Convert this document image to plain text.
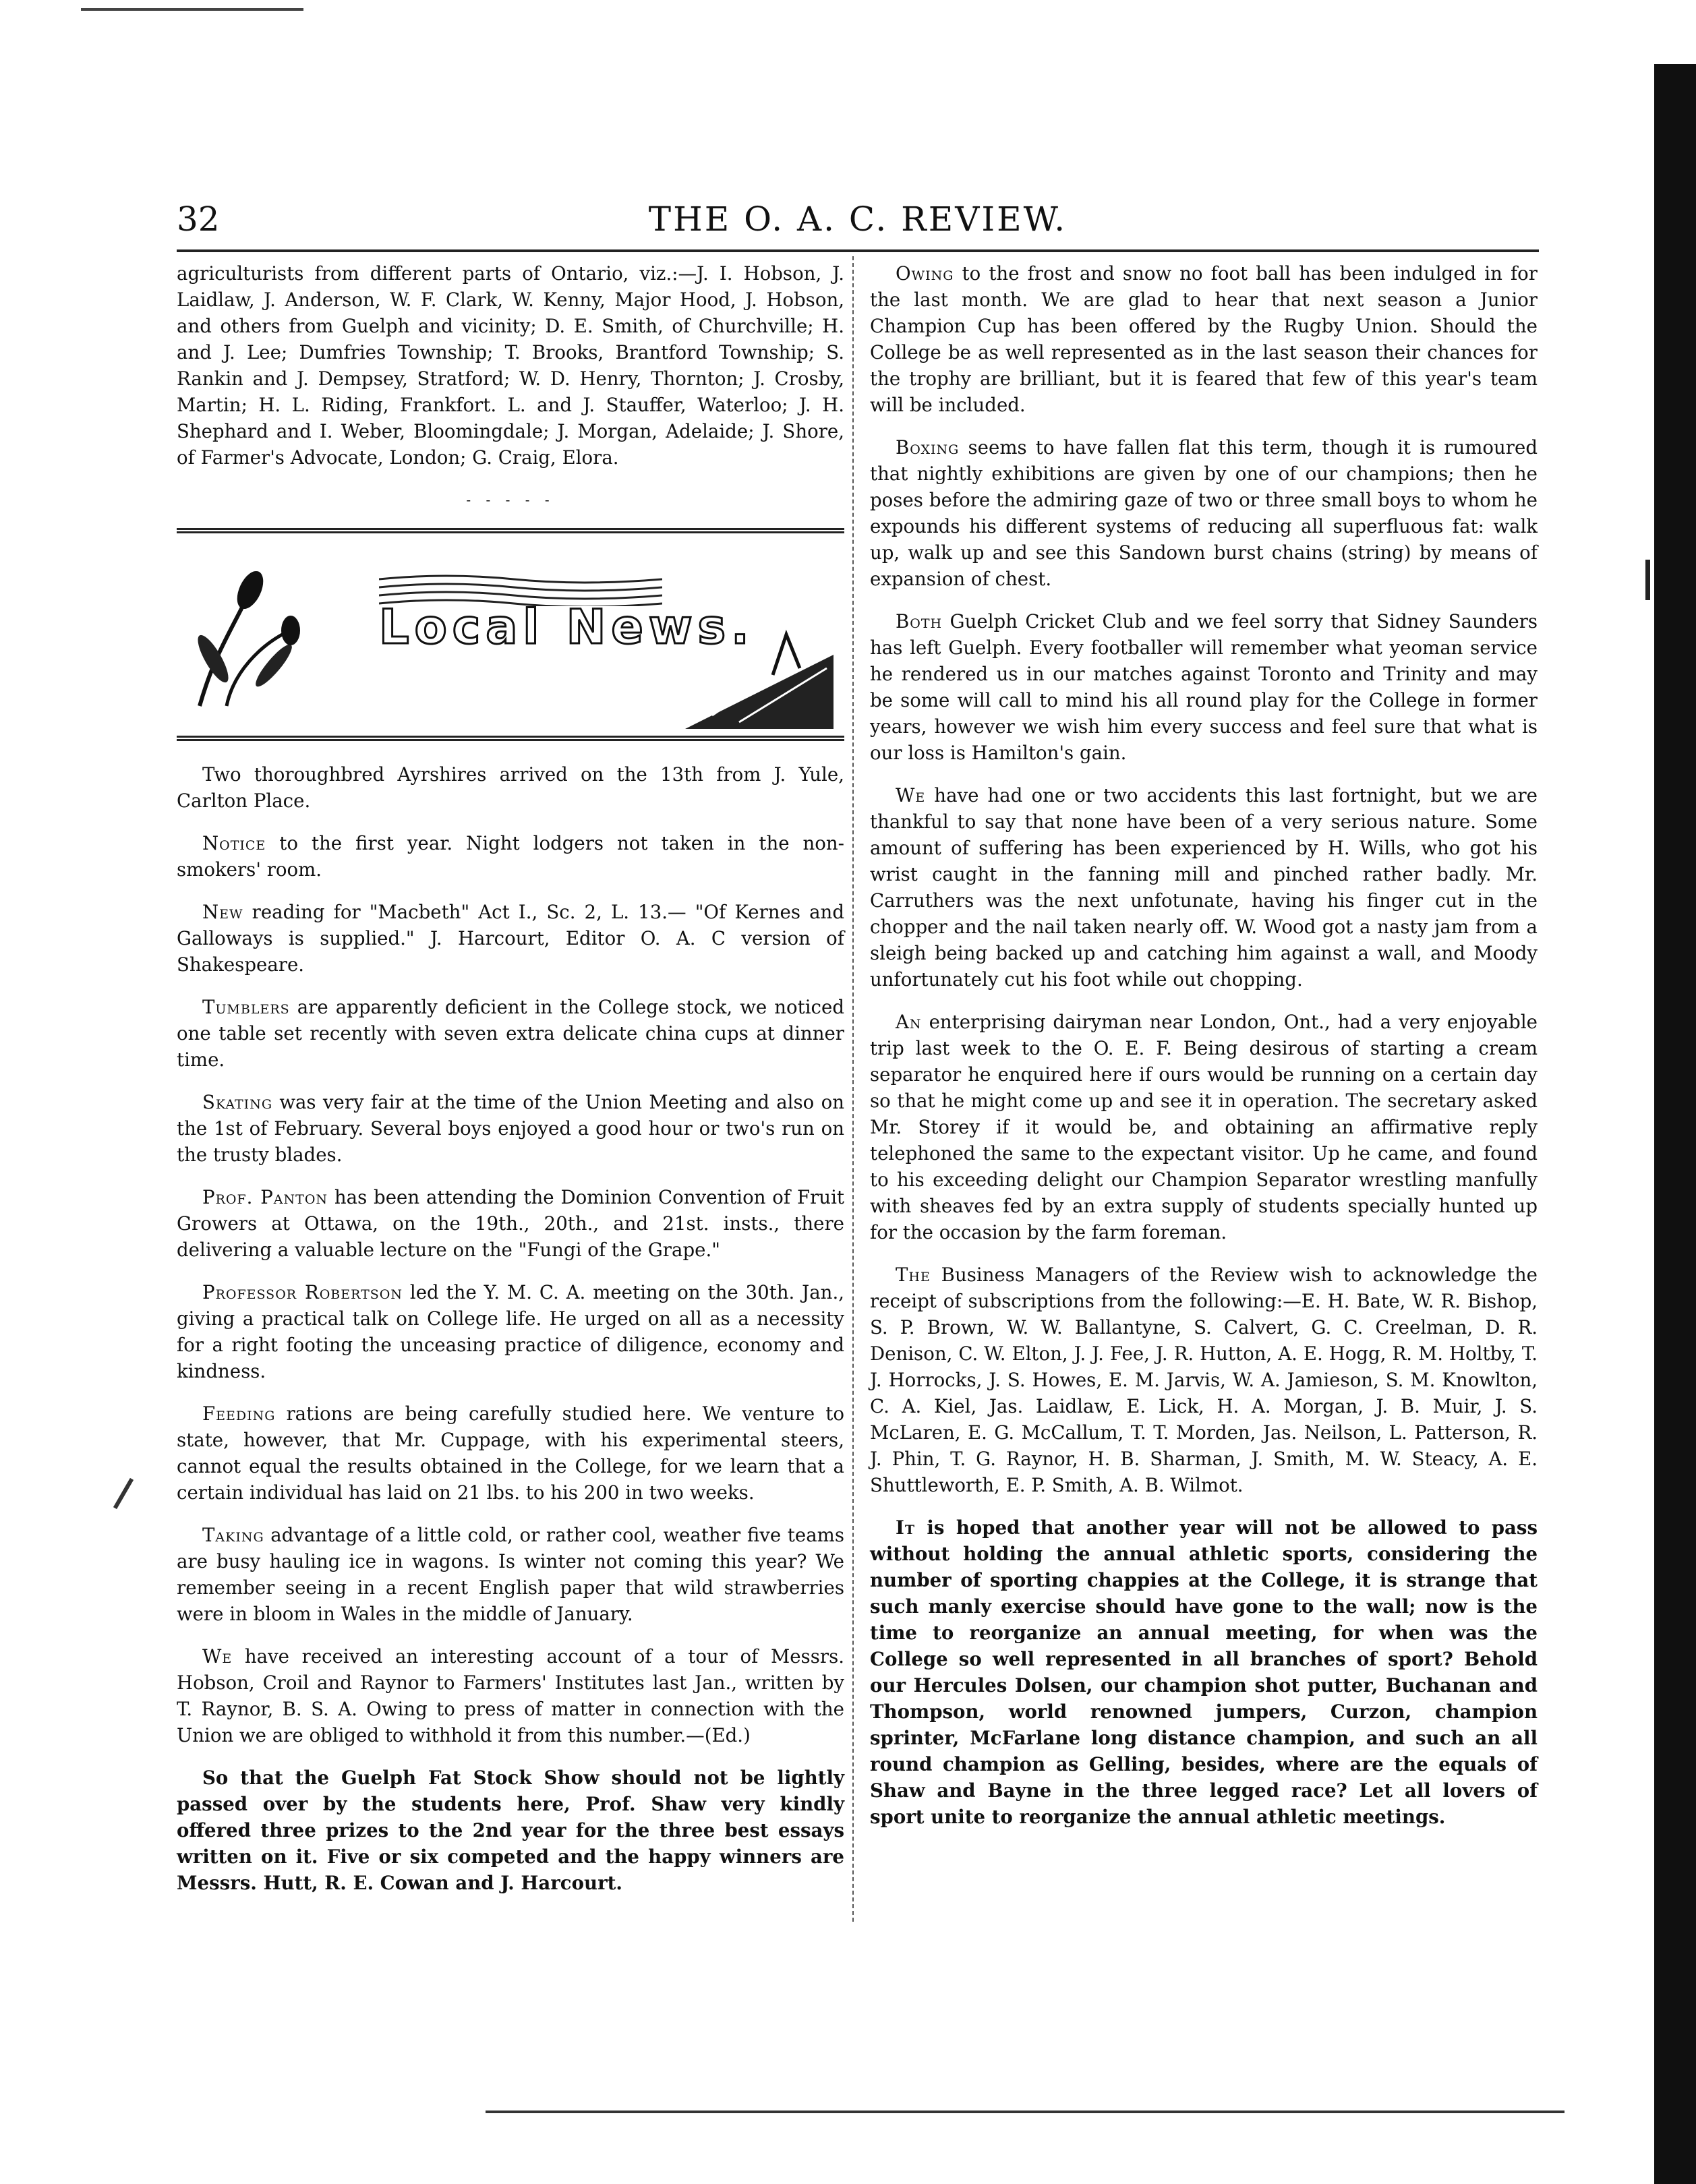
32	THE O. A. C. REVIEW.

agriculturists from different parts of Ontario, viz.:—J. I. Hobson, J. Laidlaw, J. Anderson, W. F. Clark, W. Kenny, Major Hood, J. Hobson, and others from Guelph and vicinity; D. E. Smith, of Churchville; H. and J. Lee; Dumfries Township; T. Brooks, Brantford Township; S. Rankin and J. Dempsey, Stratford; W. D. Henry, Thornton; J. Crosby, Martin; H. L. Riding, Frankfort. L. and J. Stauffer, Waterloo; J. H. Shephard and I. Weber, Bloomingdale; J. Morgan, Adelaide; J. Shore, of Farmer's Advocate, London; G. Craig, Elora.

- - - - -
Local News.

Two thoroughbred Ayrshires arrived on the 13th from J. Yule, Carlton Place.

Notice to the first year. Night lodgers not taken in the non-smokers' room.

New reading for "Macbeth" Act I., Sc. 2, L. 13.— "Of Kernes and Galloways is supplied." J. Harcourt, Editor O. A. C version of Shakespeare.

Tumblers are apparently deficient in the College stock, we noticed one table set recently with seven extra delicate china cups at dinner time.

Skating was very fair at the time of the Union Meeting and also on the 1st of February. Several boys enjoyed a good hour or two's run on the trusty blades.

Prof. Panton has been attending the Dominion Convention of Fruit Growers at Ottawa, on the 19th., 20th., and 21st. insts., there delivering a valuable lecture on the "Fungi of the Grape."

Professor Robertson led the Y. M. C. A. meeting on the 30th. Jan., giving a practical talk on College life. He urged on all as a necessity for a right footing the unceasing practice of diligence, economy and kindness.

Feeding rations are being carefully studied here. We venture to state, however, that Mr. Cuppage, with his experimental steers, cannot equal the results obtained in the College, for we learn that a certain individual has laid on 21 lbs. to his 200 in two weeks.

Taking advantage of a little cold, or rather cool, weather five teams are busy hauling ice in wagons. Is winter not coming this year? We remember seeing in a recent English paper that wild strawberries were in bloom in Wales in the middle of January.

We have received an interesting account of a tour of Messrs. Hobson, Croil and Raynor to Farmers' Institutes last Jan., written by T. Raynor, B. S. A. Owing to press of matter in connection with the Union we are obliged to withhold it from this number.—(Ed.)

So that the Guelph Fat Stock Show should not be lightly passed over by the students here, Prof. Shaw very kindly offered three prizes to the 2nd year for the three best essays written on it. Five or six competed and the happy winners are Messrs. Hutt, R. E. Cowan and J. Harcourt.

Owing to the frost and snow no foot ball has been indulged in for the last month. We are glad to hear that next season a Junior Champion Cup has been offered by the Rugby Union. Should the College be as well represented as in the last season their chances for the trophy are brilliant, but it is feared that few of this year's team will be included.

Boxing seems to have fallen flat this term, though it is rumoured that nightly exhibitions are given by one of our champions; then he poses before the admiring gaze of two or three small boys to whom he expounds his different systems of reducing all superfluous fat: walk up, walk up and see this Sandown burst chains (string) by means of expansion of chest.

Both Guelph Cricket Club and we feel sorry that Sidney Saunders has left Guelph. Every footballer will remember what yeoman service he rendered us in our matches against Toronto and Trinity and may be some will call to mind his all round play for the College in former years, however we wish him every success and feel sure that what is our loss is Hamilton's gain.

We have had one or two accidents this last fortnight, but we are thankful to say that none have been of a very serious nature. Some amount of suffering has been experienced by H. Wills, who got his wrist caught in the fanning mill and pinched rather badly. Mr. Carruthers was the next unfotunate, having his finger cut in the chopper and the nail taken nearly off. W. Wood got a nasty jam from a sleigh being backed up and catching him against a wall, and Moody unfortunately cut his foot while out chopping.

An enterprising dairyman near London, Ont., had a very enjoyable trip last week to the O. E. F. Being desirous of starting a cream separator he enquired here if ours would be running on a certain day so that he might come up and see it in operation. The secretary asked Mr. Storey if it would be, and obtaining an affirmative reply telephoned the same to the expectant visitor. Up he came, and found to his exceeding delight our Champion Separator wrestling manfully with sheaves fed by an extra supply of students specially hunted up for the occasion by the farm foreman.

The Business Managers of the Review wish to acknowledge the receipt of subscriptions from the following:—E. H. Bate, W. R. Bishop, S. P. Brown, W. W. Ballantyne, S. Calvert, G. C. Creelman, D. R. Denison, C. W. Elton, J. J. Fee, J. R. Hutton, A. E. Hogg, R. M. Holtby, T. J. Horrocks, J. S. Howes, E. M. Jarvis, W. A. Jamieson, S. M. Knowlton, C. A. Kiel, Jas. Laidlaw, E. Lick, H. A. Morgan, J. B. Muir, J. S. McLaren, E. G. McCallum, T. T. Morden, Jas. Neilson, L. Patterson, R. J. Phin, T. G. Raynor, H. B. Sharman, J. Smith, M. W. Steacy, A. E. Shuttleworth, E. P. Smith, A. B. Wilmot.

It is hoped that another year will not be allowed to pass without holding the annual athletic sports, considering the number of sporting chappies at the College, it is strange that such manly exercise should have gone to the wall; now is the time to reorganize an annual meeting, for when was the College so well represented in all branches of sport? Behold our Hercules Dolsen, our champion shot putter, Buchanan and Thompson, world renowned jumpers, Curzon, champion sprinter, McFarlane long distance champion, and such an all round champion as Gelling, besides, where are the equals of Shaw and Bayne in the three legged race? Let all lovers of sport unite to reorganize the annual athletic meetings.
